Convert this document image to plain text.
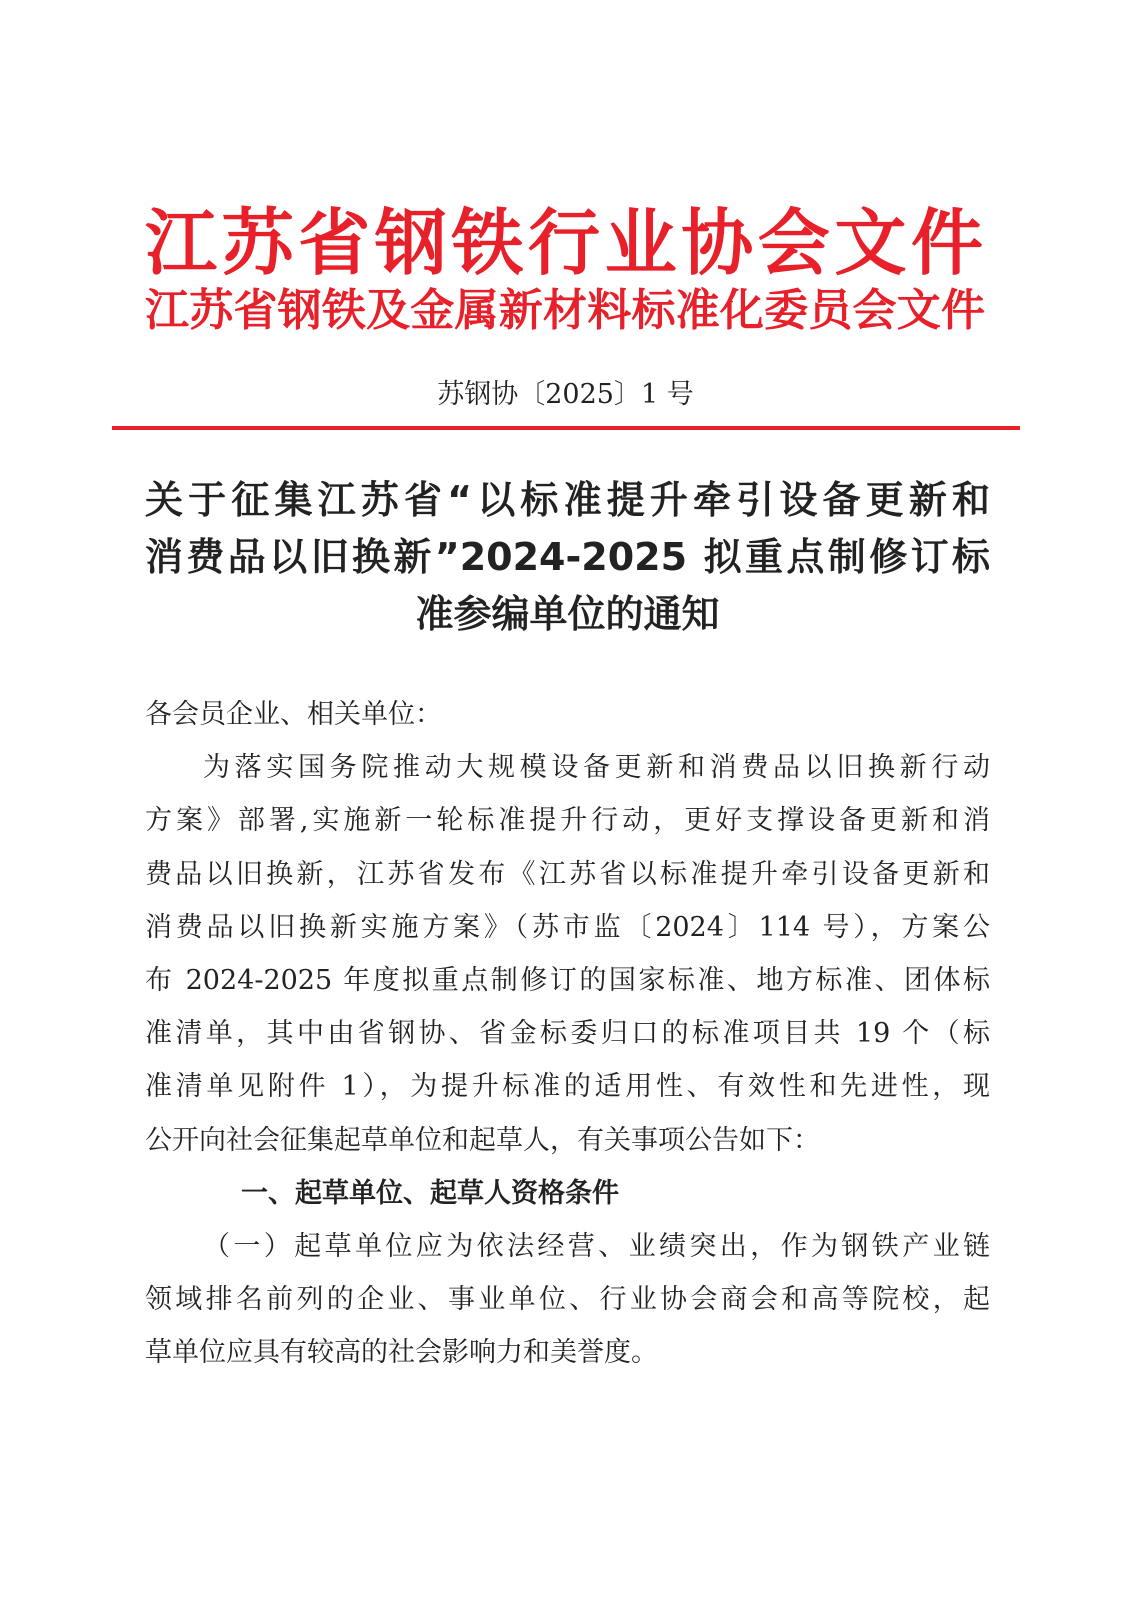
江苏省钢铁行业协会文件
江苏省钢铁及金属新材料标准化委员会文件
苏钢协〔2025〕1 号
关于征集江苏省“以标准提升牵引设备更新和
消费品以旧换新”2024-2025 拟重点制修订标
准参编单位的通知
各会员企业、相关单位：
为落实国务院推动大规模设备更新和消费品以旧换新行动
方案》部署,实施新一轮标准提升行动，更好支撑设备更新和消
费品以旧换新，江苏省发布《江苏省以标准提升牵引设备更新和
消费品以旧换新实施方案》（苏市监〔2024〕114 号），方案公
布 2024-2025 年度拟重点制修订的国家标准、地方标准、团体标
准清单，其中由省钢协、省金标委归口的标准项目共 19 个（标
准清单见附件 1），为提升标准的适用性、有效性和先进性，现
公开向社会征集起草单位和起草人，有关事项公告如下：
一、起草单位、起草人资格条件
（一）起草单位应为依法经营、业绩突出，作为钢铁产业链
领域排名前列的企业、事业单位、行业协会商会和高等院校，起
草单位应具有较高的社会影响力和美誉度。
